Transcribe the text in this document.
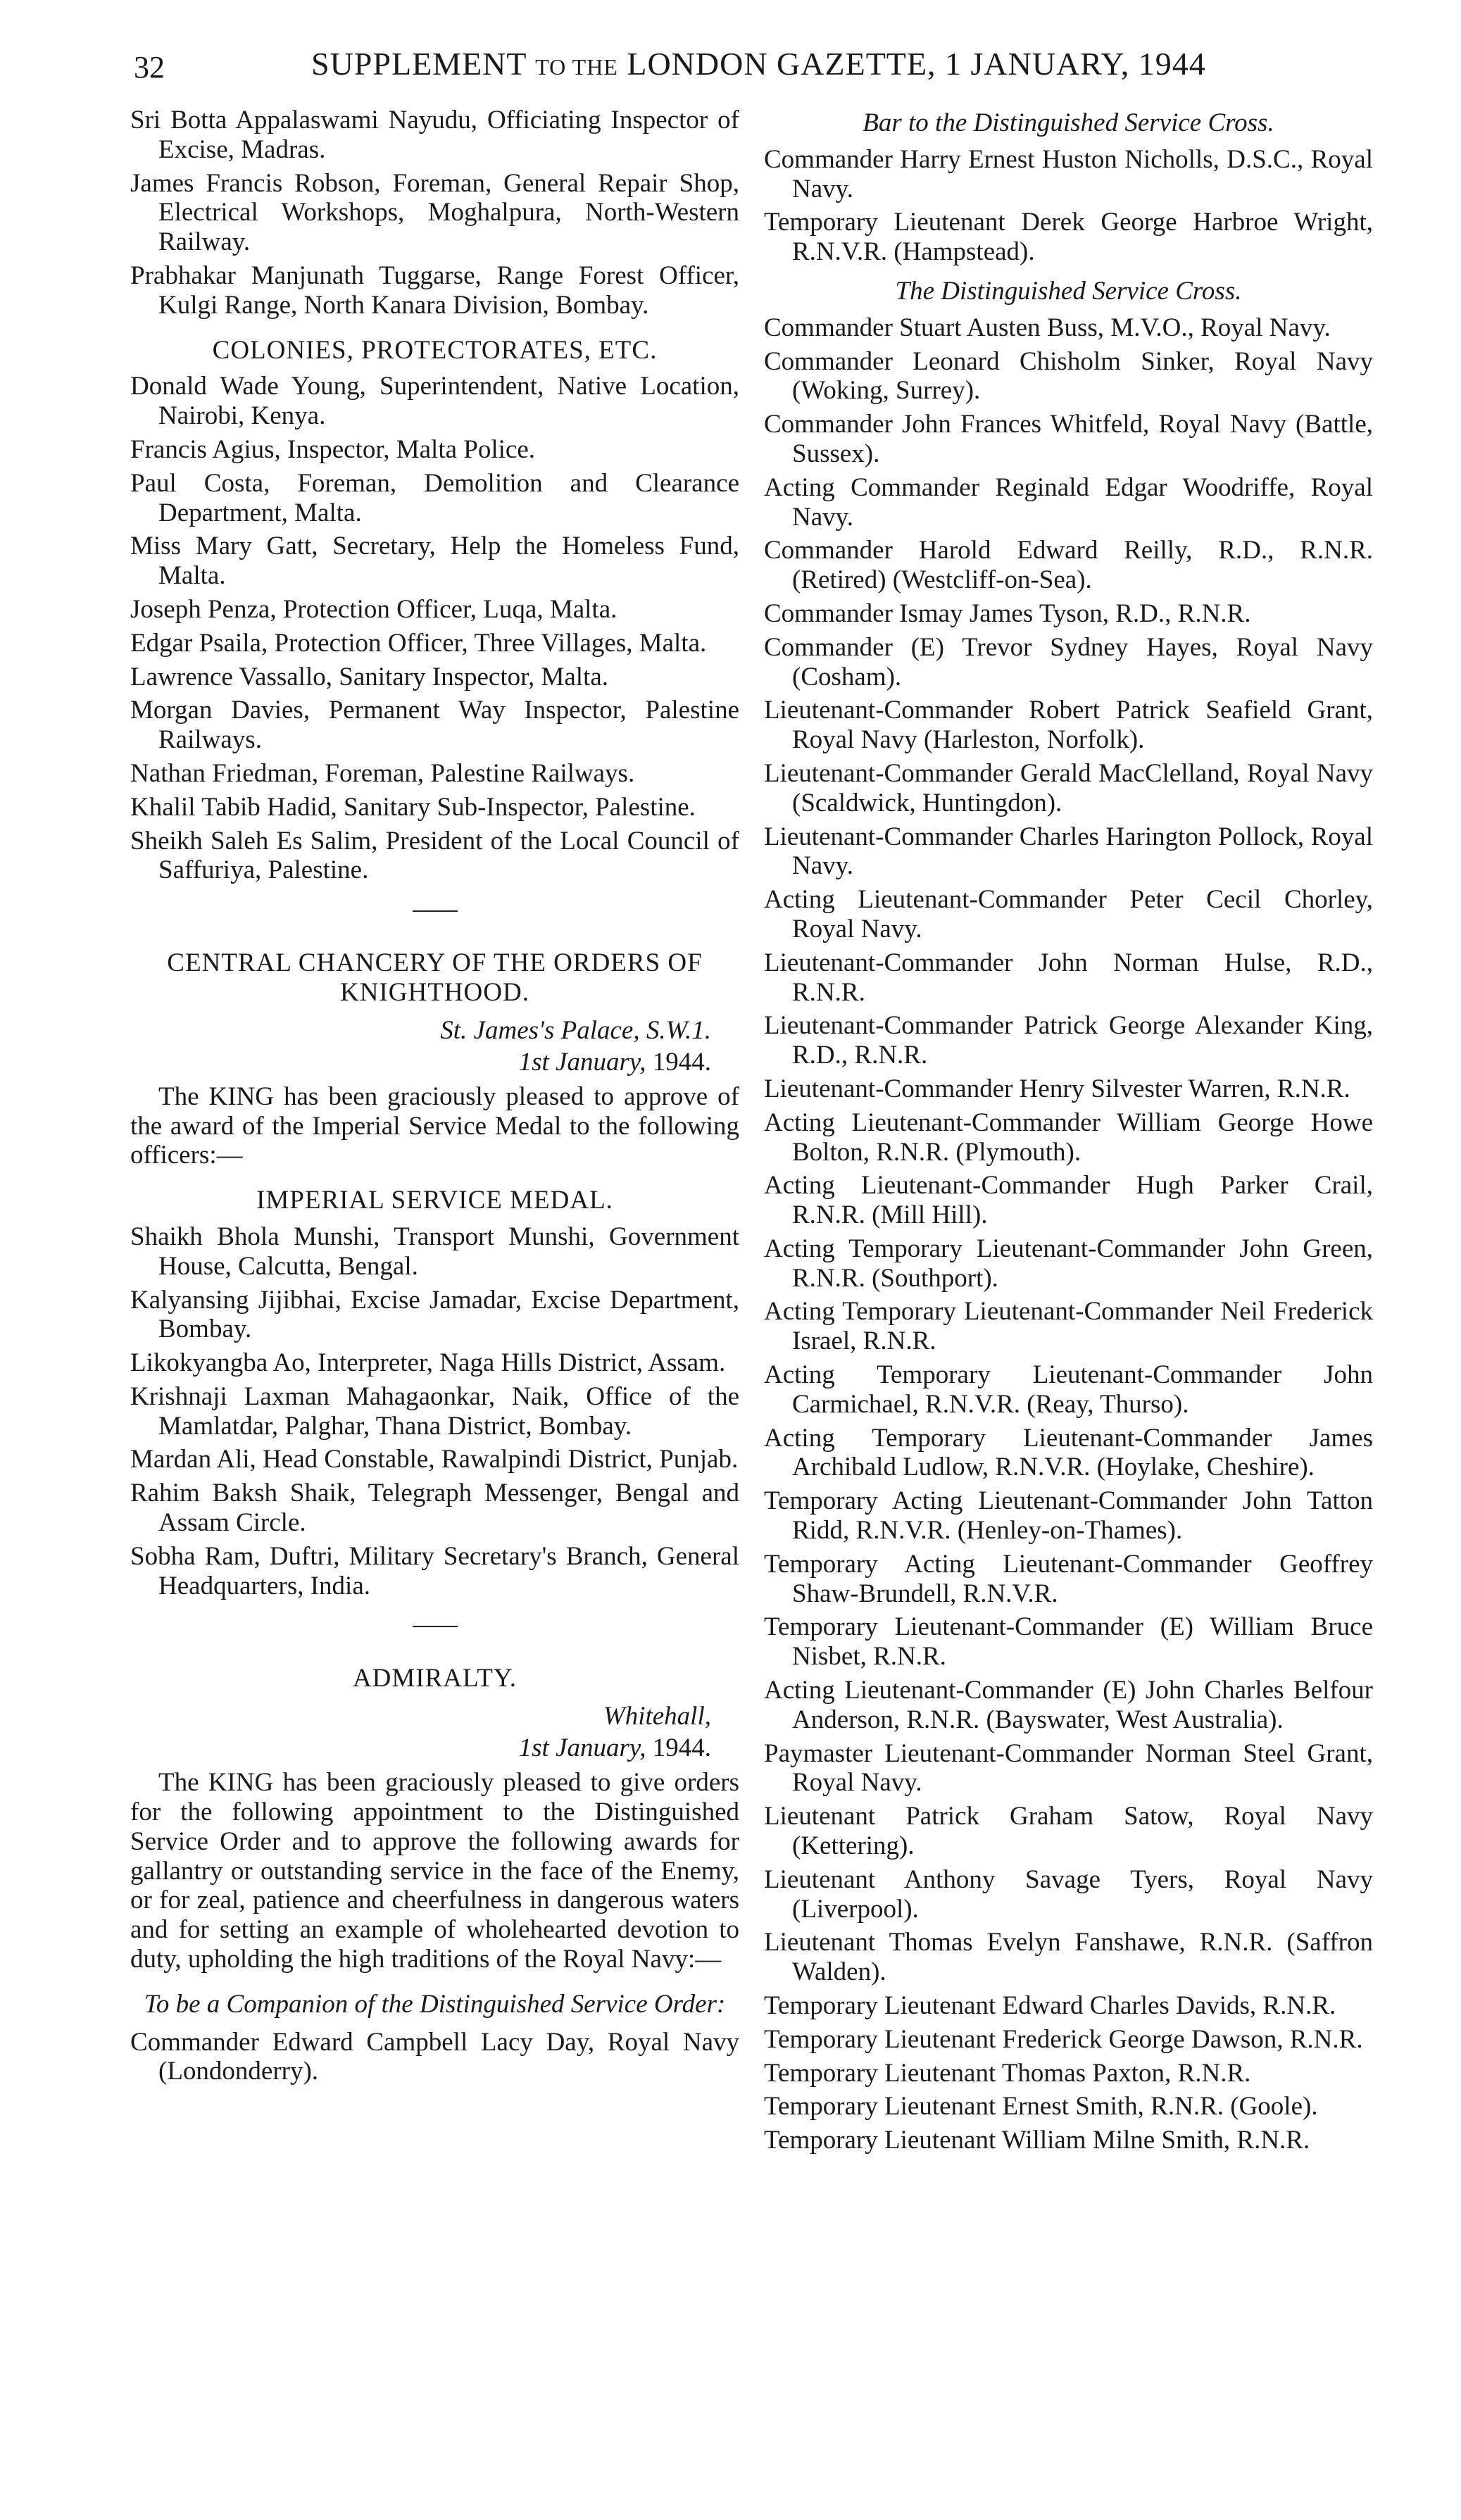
32	SUPPLEMENT TO THE LONDON GAZETTE, 1 JANUARY, 1944

Sri Botta Appalaswami Nayudu, Officiating Inspector of Excise, Madras.

James Francis Robson, Foreman, General Repair Shop, Electrical Workshops, Moghalpura, North-Western Railway.

Prabhakar Manjunath Tuggarse, Range Forest Officer, Kulgi Range, North Kanara Division, Bombay.

COLONIES, PROTECTORATES, ETC.

Donald Wade Young, Superintendent, Native Location, Nairobi, Kenya.

Francis Agius, Inspector, Malta Police.

Paul Costa, Foreman, Demolition and Clearance Department, Malta.

Miss Mary Gatt, Secretary, Help the Homeless Fund, Malta.

Joseph Penza, Protection Officer, Luqa, Malta.

Edgar Psaila, Protection Officer, Three Villages, Malta.

Lawrence Vassallo, Sanitary Inspector, Malta.

Morgan Davies, Permanent Way Inspector, Palestine Railways.

Nathan Friedman, Foreman, Palestine Railways.

Khalil Tabib Hadid, Sanitary Sub-Inspector, Palestine.

Sheikh Saleh Es Salim, President of the Local Council of Saffuriya, Palestine.

CENTRAL CHANCERY OF THE ORDERS OF KNIGHTHOOD.

St. James's Palace, S.W.1.
1st January, 1944.

The KING has been graciously pleased to approve of the award of the Imperial Service Medal to the following officers:—

IMPERIAL SERVICE MEDAL.

Shaikh Bhola Munshi, Transport Munshi, Government House, Calcutta, Bengal.

Kalyansing Jijibhai, Excise Jamadar, Excise Department, Bombay.

Likokyangba Ao, Interpreter, Naga Hills District, Assam.

Krishnaji Laxman Mahagaonkar, Naik, Office of the Mamlatdar, Palghar, Thana District, Bombay.

Mardan Ali, Head Constable, Rawalpindi District, Punjab.

Rahim Baksh Shaik, Telegraph Messenger, Bengal and Assam Circle.

Sobha Ram, Duftri, Military Secretary's Branch, General Headquarters, India.

ADMIRALTY.

Whitehall,
1st January, 1944.

The KING has been graciously pleased to give orders for the following appointment to the Distinguished Service Order and to approve the following awards for gallantry or outstanding service in the face of the Enemy, or for zeal, patience and cheerfulness in dangerous waters and for setting an example of wholehearted devotion to duty, upholding the high traditions of the Royal Navy:—

To be a Companion of the Distinguished Service Order:

Commander Edward Campbell Lacy Day, Royal Navy (Londonderry).

Bar to the Distinguished Service Cross.

Commander Harry Ernest Huston Nicholls, D.S.C., Royal Navy.

Temporary Lieutenant Derek George Harbroe Wright, R.N.V.R. (Hampstead).

The Distinguished Service Cross.

Commander Stuart Austen Buss, M.V.O., Royal Navy.

Commander Leonard Chisholm Sinker, Royal Navy (Woking, Surrey).

Commander John Frances Whitfeld, Royal Navy (Battle, Sussex).

Acting Commander Reginald Edgar Woodriffe, Royal Navy.

Commander Harold Edward Reilly, R.D., R.N.R. (Retired) (Westcliff-on-Sea).

Commander Ismay James Tyson, R.D., R.N.R.

Commander (E) Trevor Sydney Hayes, Royal Navy (Cosham).

Lieutenant-Commander Robert Patrick Seafield Grant, Royal Navy (Harleston, Norfolk).

Lieutenant-Commander Gerald MacClelland, Royal Navy (Scaldwick, Huntingdon).

Lieutenant-Commander Charles Harington Pollock, Royal Navy.

Acting Lieutenant-Commander Peter Cecil Chorley, Royal Navy.

Lieutenant-Commander John Norman Hulse, R.D., R.N.R.

Lieutenant-Commander Patrick George Alexander King, R.D., R.N.R.

Lieutenant-Commander Henry Silvester Warren, R.N.R.

Acting Lieutenant-Commander William George Howe Bolton, R.N.R. (Plymouth).

Acting Lieutenant-Commander Hugh Parker Crail, R.N.R. (Mill Hill).

Acting Temporary Lieutenant-Commander John Green, R.N.R. (Southport).

Acting Temporary Lieutenant-Commander Neil Frederick Israel, R.N.R.

Acting Temporary Lieutenant-Commander John Carmichael, R.N.V.R. (Reay, Thurso).

Acting Temporary Lieutenant-Commander James Archibald Ludlow, R.N.V.R. (Hoylake, Cheshire).

Temporary Acting Lieutenant-Commander John Tatton Ridd, R.N.V.R. (Henley-on-Thames).

Temporary Acting Lieutenant-Commander Geoffrey Shaw-Brundell, R.N.V.R.

Temporary Lieutenant-Commander (E) William Bruce Nisbet, R.N.R.

Acting Lieutenant-Commander (E) John Charles Belfour Anderson, R.N.R. (Bayswater, West Australia).

Paymaster Lieutenant-Commander Norman Steel Grant, Royal Navy.

Lieutenant Patrick Graham Satow, Royal Navy (Kettering).

Lieutenant Anthony Savage Tyers, Royal Navy (Liverpool).

Lieutenant Thomas Evelyn Fanshawe, R.N.R. (Saffron Walden).

Temporary Lieutenant Edward Charles Davids, R.N.R.

Temporary Lieutenant Frederick George Dawson, R.N.R.

Temporary Lieutenant Thomas Paxton, R.N.R.

Temporary Lieutenant Ernest Smith, R.N.R. (Goole).

Temporary Lieutenant William Milne Smith, R.N.R.
